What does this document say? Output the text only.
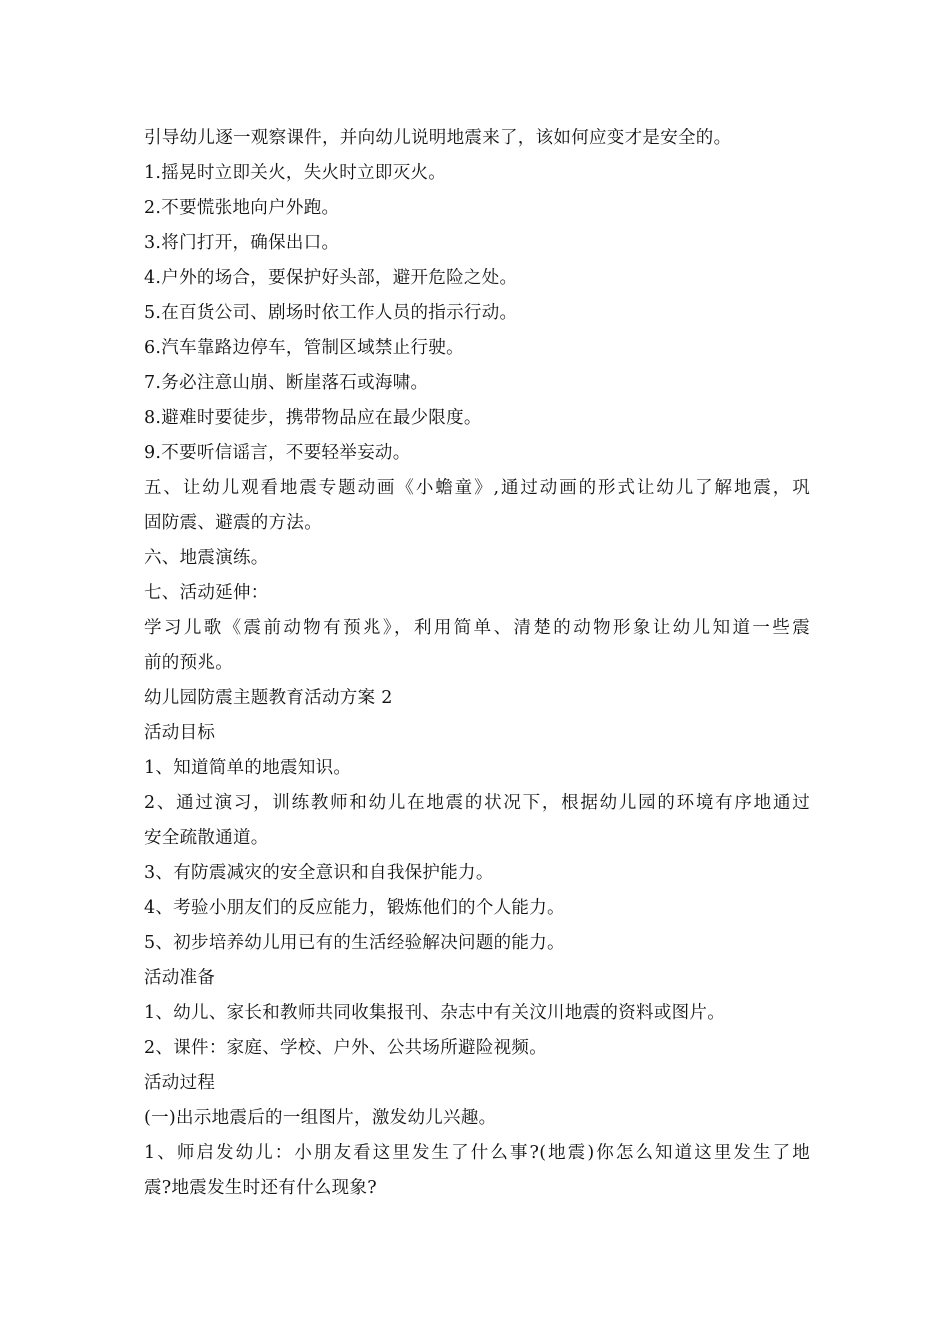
引导幼儿逐一观察课件，并向幼儿说明地震来了，该如何应变才是安全的。
1.摇晃时立即关火，失火时立即灭火。
2.不要慌张地向户外跑。
3.将门打开，确保出口。
4.户外的场合，要保护好头部，避开危险之处。
5.在百货公司、剧场时依工作人员的指示行动。
6.汽车靠路边停车，管制区域禁止行驶。
7.务必注意山崩、断崖落石或海啸。
8.避难时要徒步，携带物品应在最少限度。
9.不要听信谣言，不要轻举妄动。
五、让幼儿观看地震专题动画《小蟾童》,通过动画的形式让幼儿了解地震，巩
固防震、避震的方法。
六、地震演练。
七、活动延伸：
学习儿歌《震前动物有预兆》，利用简单、清楚的动物形象让幼儿知道一些震
前的预兆。
幼儿园防震主题教育活动方案 2
活动目标
1、知道简单的地震知识。
2、通过演习，训练教师和幼儿在地震的状况下，根据幼儿园的环境有序地通过
安全疏散通道。
3、有防震减灾的安全意识和自我保护能力。
4、考验小朋友们的反应能力，锻炼他们的个人能力。
5、初步培养幼儿用已有的生活经验解决问题的能力。
活动准备
1、幼儿、家长和教师共同收集报刊、杂志中有关汶川地震的资料或图片。
2、课件：家庭、学校、户外、公共场所避险视频。
活动过程
(一)出示地震后的一组图片，激发幼儿兴趣。
1、师启发幼儿：小朋友看这里发生了什么事?(地震)你怎么知道这里发生了地
震?地震发生时还有什么现象?
